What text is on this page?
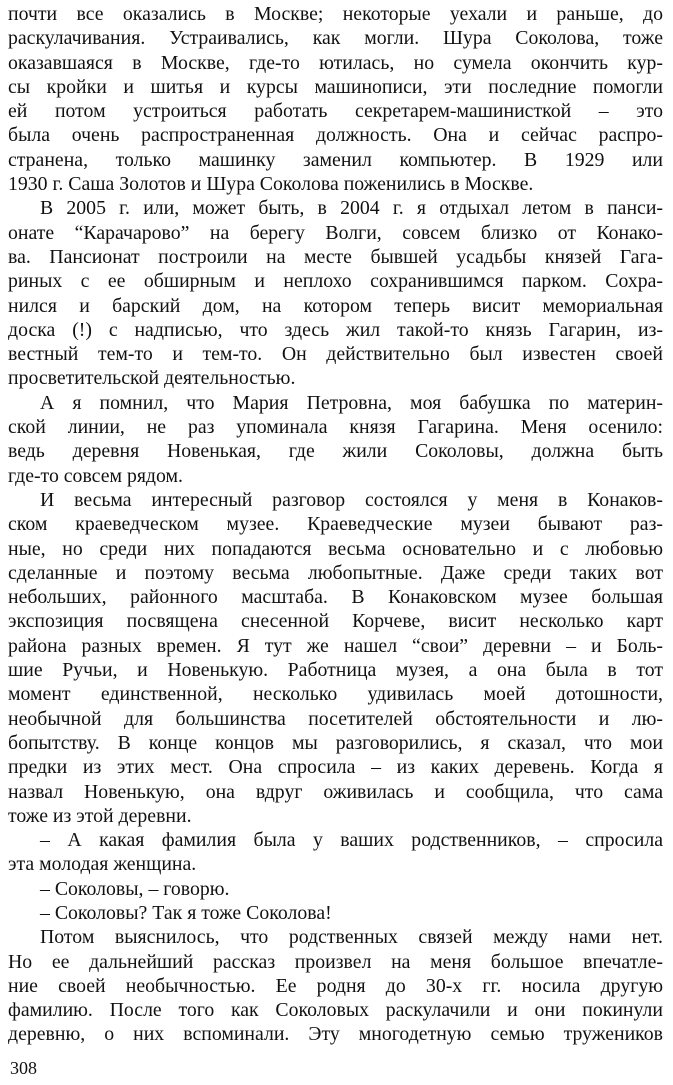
почти все оказались в Москве; некоторые уехали и раньше, до
раскулачивания. Устраивались, как могли. Шура Соколова, тоже
оказавшаяся в Москве, где-то ютилась, но сумела окончить кур-
сы кройки и шитья и курсы машинописи, эти последние помогли
ей потом устроиться работать секретарем-машинисткой – это
была очень распространенная должность. Она и сейчас распро-
странена, только машинку заменил компьютер. В 1929 или
1930 г. Саша Золотов и Шура Соколова поженились в Москве.
В 2005 г. или, может быть, в 2004 г. я отдыхал летом в панси-
онате “Карачарово” на берегу Волги, совсем близко от Конако-
ва. Пансионат построили на месте бывшей усадьбы князей Гага-
риных с ее обширным и неплохо сохранившимся парком. Сохра-
нился и барский дом, на котором теперь висит мемориальная
доска (!) с надписью, что здесь жил такой-то князь Гагарин, из-
вестный тем-то и тем-то. Он действительно был известен своей
просветительской деятельностью.
А я помнил, что Мария Петровна, моя бабушка по материн-
ской линии, не раз упоминала князя Гагарина. Меня осенило:
ведь деревня Новенькая, где жили Соколовы, должна быть
где-то совсем рядом.
И весьма интересный разговор состоялся у меня в Конаков-
ском краеведческом музее. Краеведческие музеи бывают раз-
ные, но среди них попадаются весьма основательно и с любовью
сделанные и поэтому весьма любопытные. Даже среди таких вот
небольших, районного масштаба. В Конаковском музее большая
экспозиция посвящена снесенной Корчеве, висит несколько карт
района разных времен. Я тут же нашел “свои” деревни – и Боль-
шие Ручьи, и Новенькую. Работница музея, а она была в тот
момент единственной, несколько удивилась моей дотошности,
необычной для большинства посетителей обстоятельности и лю-
бопытству. В конце концов мы разговорились, я сказал, что мои
предки из этих мест. Она спросила – из каких деревень. Когда я
назвал Новенькую, она вдруг оживилась и сообщила, что сама
тоже из этой деревни.
– А какая фамилия была у ваших родственников, – спросила
эта молодая женщина.
– Соколовы, – говорю.
– Соколовы? Так я тоже Соколова!
Потом выяснилось, что родственных связей между нами нет.
Но ее дальнейший рассказ произвел на меня большое впечатле-
ние своей необычностью. Ее родня до 30-х гг. носила другую
фамилию. После того как Соколовых раскулачили и они покинули
деревню, о них вспоминали. Эту многодетную семью тружеников
308
